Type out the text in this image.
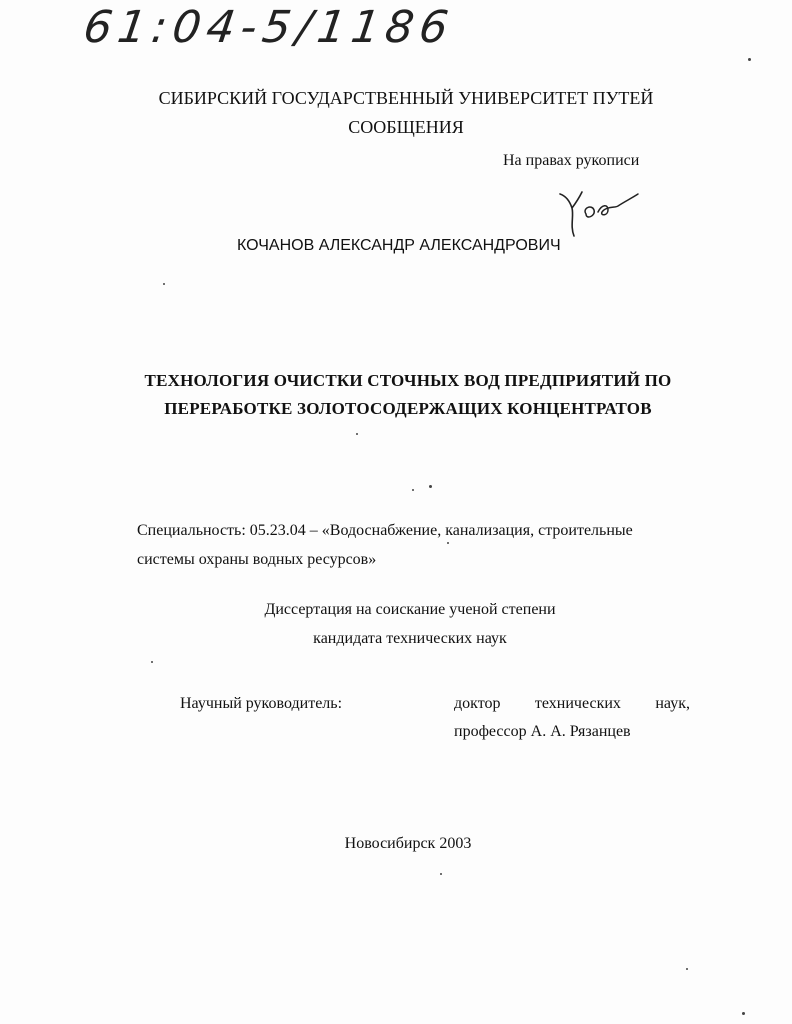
61:04-5/1186
СИБИРСКИЙ ГОСУДАРСТВЕННЫЙ УНИВЕРСИТЕТ ПУТЕЙ
СООБЩЕНИЯ
На правах рукописи
КОЧАНОВ АЛЕКСАНДР АЛЕКСАНДРОВИЧ
ТЕХНОЛОГИЯ ОЧИСТКИ СТОЧНЫХ ВОД ПРЕДПРИЯТИЙ ПО
ПЕРЕРАБОТКЕ ЗОЛОТОСОДЕРЖАЩИХ КОНЦЕНТРАТОВ
Специальность: 05.23.04 – «Водоснабжение, канализация, строительные
системы охраны водных ресурсов»
Диссертация на соискание ученой степени
кандидата технических наук
Научный руководитель:	доктор технических наук,
профессор А. А. Рязанцев
Новосибирск 2003
